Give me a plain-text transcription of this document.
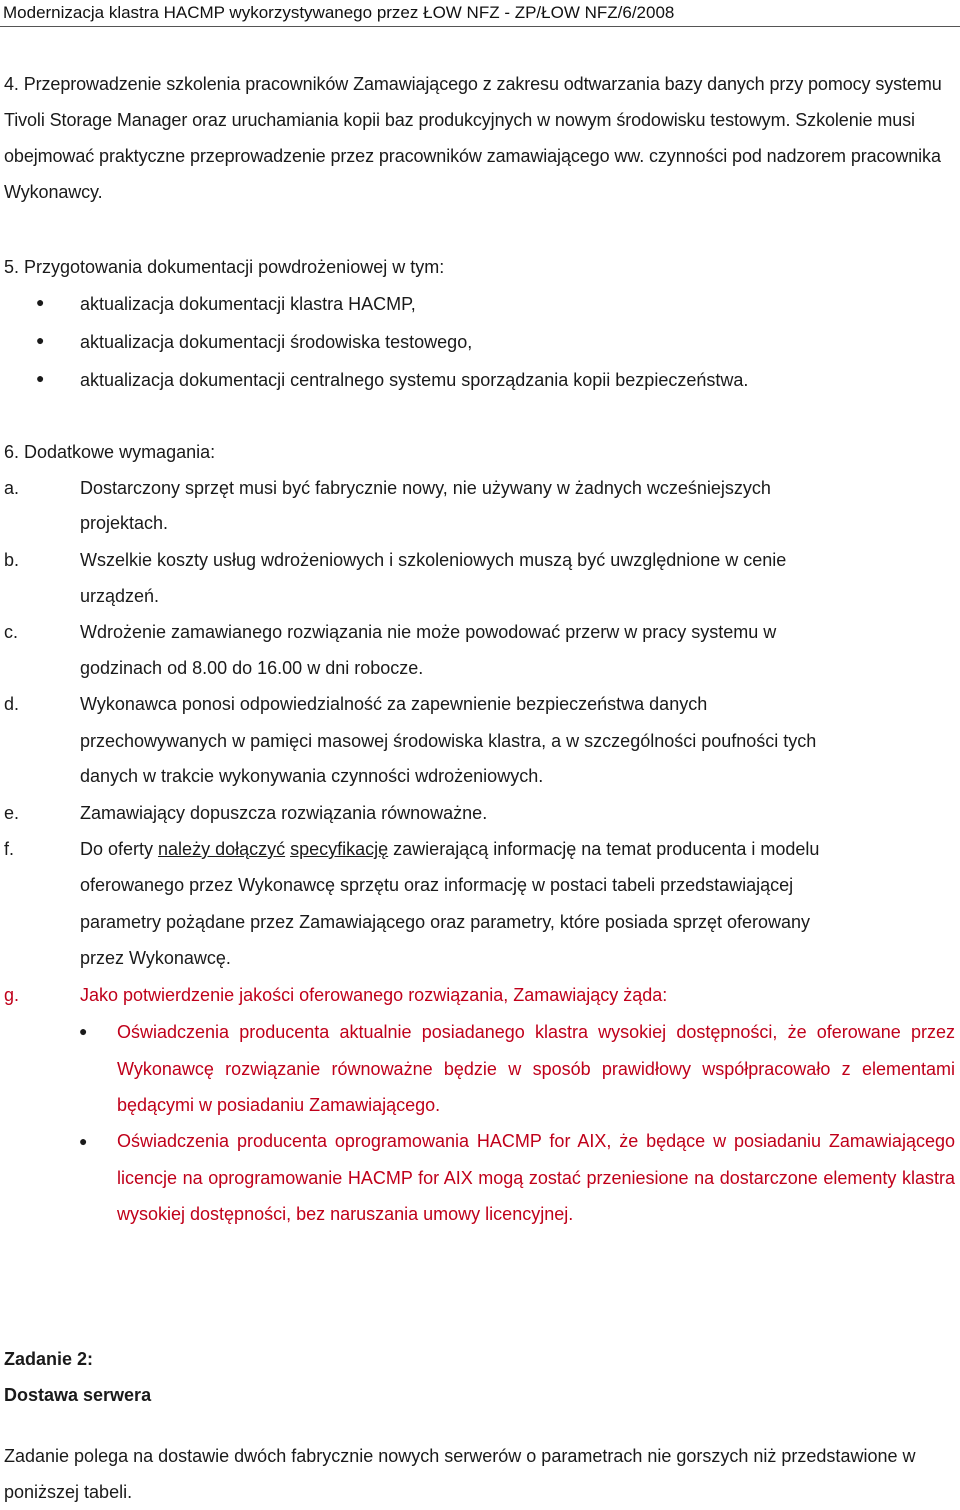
Modernizacja klastra HACMP wykorzystywanego przez ŁOW NFZ - ZP/ŁOW NFZ/6/2008

4. Przeprowadzenie szkolenia pracowników Zamawiającego z zakresu odtwarzania bazy danych przy pomocy systemu Tivoli Storage Manager oraz uruchamiania kopii baz produkcyjnych w nowym środowisku testowym. Szkolenie musi obejmować praktyczne przeprowadzenie przez pracowników zamawiającego ww. czynności pod nadzorem pracownika Wykonawcy.

5. Przygotowania dokumentacji powdrożeniowej w tym:
● aktualizacja dokumentacji klastra HACMP,
● aktualizacja dokumentacji środowiska testowego,
● aktualizacja dokumentacji centralnego systemu sporządzania kopii bezpieczeństwa.
6. Dodatkowe wymagania:
a.	Dostarczony sprzęt musi być fabrycznie nowy, nie używany w żadnych wcześniejszych
projektach.
b.	Wszelkie koszty usług wdrożeniowych i szkoleniowych muszą być uwzględnione w cenie
urządzeń.
c.	Wdrożenie zamawianego rozwiązania nie może powodować przerw w pracy systemu w
godzinach od 8.00 do 16.00 w dni robocze.
d.	Wykonawca ponosi odpowiedzialność za zapewnienie bezpieczeństwa danych
przechowywanych w pamięci masowej środowiska klastra, a w szczególności poufności tych
danych w trakcie wykonywania czynności wdrożeniowych.
e.	Zamawiający dopuszcza rozwiązania równoważne.
f.	Do oferty należy dołączyć specyfikację zawierającą informację na temat producenta i modelu
oferowanego przez Wykonawcę sprzętu oraz informację w postaci tabeli przedstawiającej
parametry pożądane przez Zamawiającego oraz parametry, które posiada sprzęt oferowany
przez Wykonawcę.
g.	Jako potwierdzenie jakości oferowanego rozwiązania, Zamawiający żąda:
● Oświadczenia producenta aktualnie posiadanego klastra wysokiej dostępności, że oferowane przez Wykonawcę rozwiązanie równoważne będzie w sposób prawidłowy współpracowało z elementami będącymi w posiadaniu Zamawiającego.
● Oświadczenia producenta oprogramowania HACMP for AIX, że będące w posiadaniu Zamawiającego licencje na oprogramowanie HACMP for AIX mogą zostać przeniesione na dostarczone elementy klastra wysokiej dostępności, bez naruszania umowy licencyjnej.
Zadanie 2:
Dostawa serwera

Zadanie polega na dostawie dwóch fabrycznie nowych serwerów o parametrach nie gorszych niż przedstawione w poniższej tabeli.
